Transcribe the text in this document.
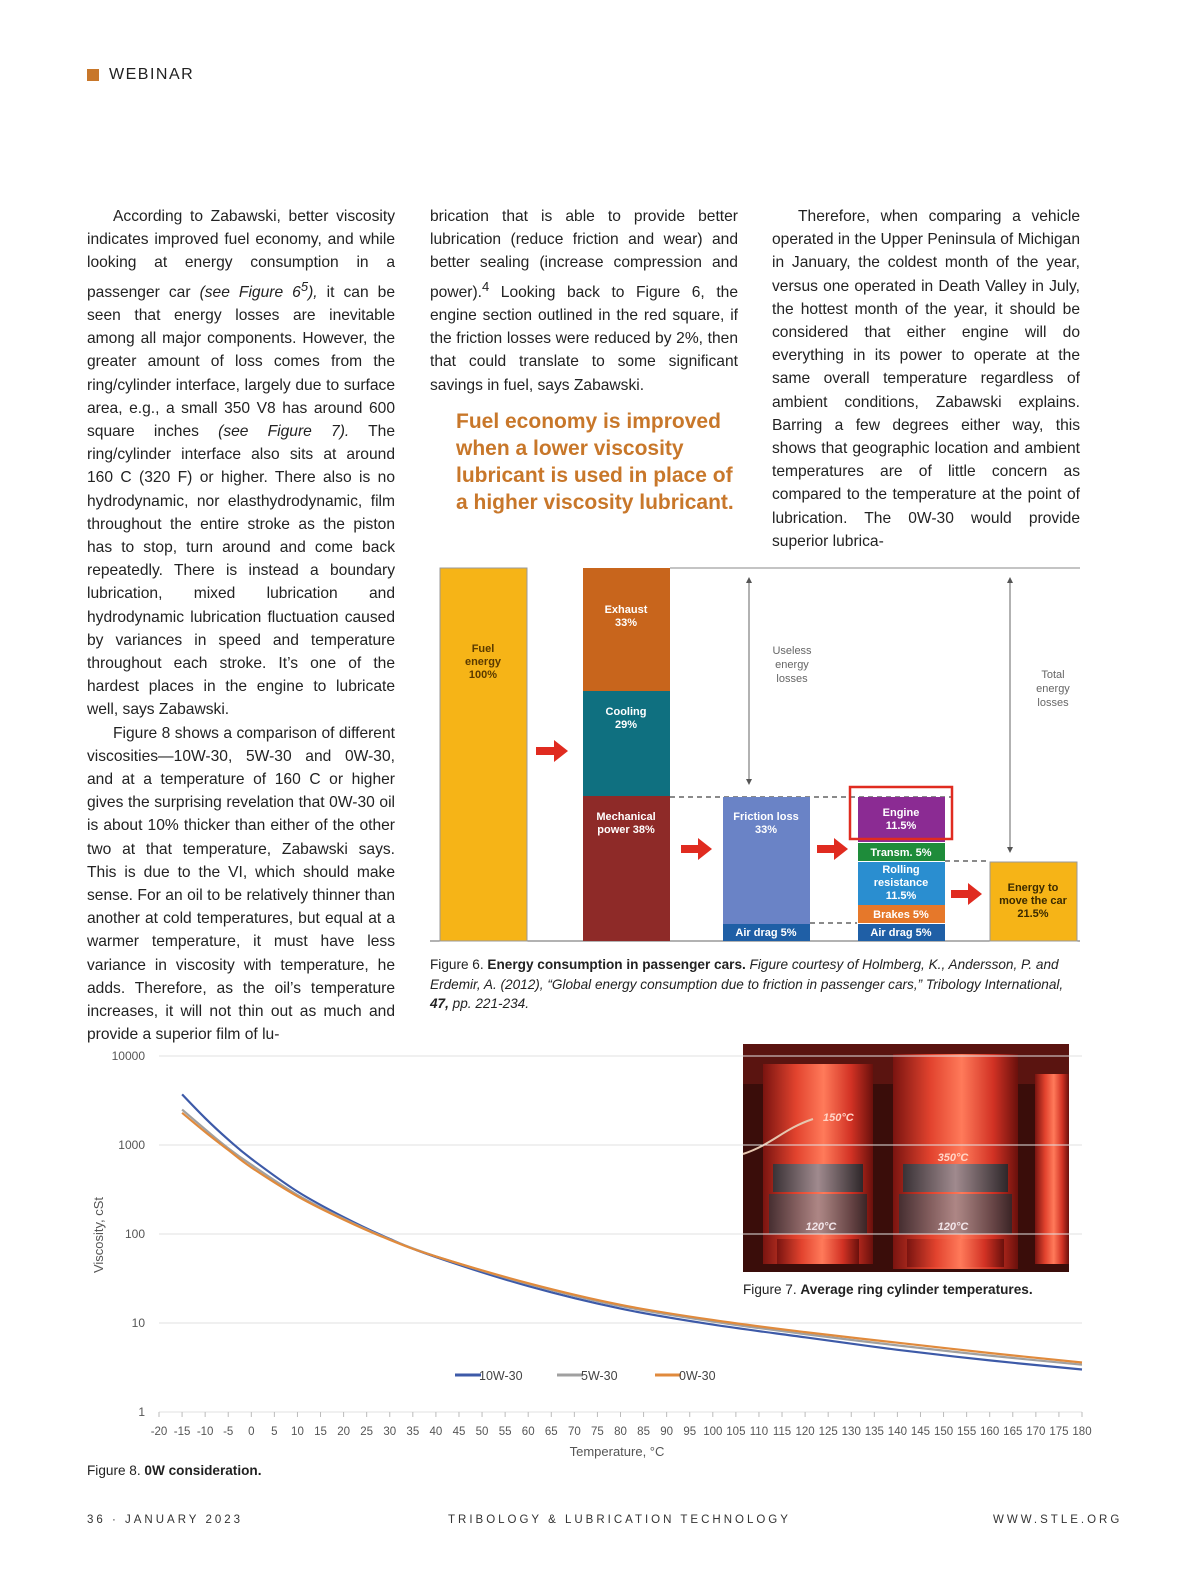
WEBINAR

According to Zabawski, better viscosity indicates improved fuel economy, and while looking at energy consumption in a passenger car (see Figure $6^5$), it can be seen that energy losses are inevitable among all major components. However, the greater amount of loss comes from the ring/cylinder interface, largely due to surface area, e.g., a small 350 V8 has around 600 square inches (see Figure 7). The ring/cylinder interface also sits at around 160 C (320 F) or higher. There also is no hydrodynamic, nor elasthydrodynamic, film throughout the entire stroke as the piston has to stop, turn around and come back repeatedly. There is instead a boundary lubrication, mixed lubrication and hydrodynamic lubrication fluctuation caused by variances in speed and temperature throughout each stroke. It’s one of the hardest places in the engine to lubricate well, says Zabawski.

Figure 8 shows a comparison of different viscosities—10W-30, 5W-30 and 0W-30, and at a temperature of 160 C or higher gives the surprising revelation that 0W-30 oil is about 10% thicker than either of the other two at that temperature, Zabawski says. This is due to the VI, which should make sense. For an oil to be relatively thinner than another at cold temperatures, but equal at a warmer temperature, it must have less variance in viscosity with temperature, he adds. Therefore, as the oil’s temperature increases, it will not thin out as much and provide a superior film of lu-

brication that is able to provide better lubrication (reduce friction and wear) and better sealing (increase compression and power).$^4$ Looking back to Figure 6, the engine section outlined in the red square, if the friction losses were reduced by 2%, then that could translate to some significant savings in fuel, says Zabawski.

Fuel economy is improved when a lower viscosity lubricant is used in place of a higher viscosity lubricant.

Therefore, when comparing a vehicle operated in the Upper Peninsula of Michigan in January, the coldest month of the year, versus one operated in Death Valley in July, the hottest month of the year, it should be considered that either engine will do everything in its power to operate at the same overall temperature regardless of ambient conditions, Zabawski explains. Barring a few degrees either way, this shows that geographic location and ambient temperatures are of little concern as compared to the temperature at the point of lubrication. The 0W-30 would provide superior lubrica-

Fuel energy 100%
Exhaust 33%
Cooling 29%
Mechanical power 38%
Friction loss 33%
Air drag 5%
Engine 11.5%
Transm. 5%
Rolling resistance 11.5%
Brakes 5%
Air drag 5%
Energy to move the car 21.5%
Useless energy losses	Total energy losses
Figure 6. Energy consumption in passenger cars. Figure courtesy of Holmberg, K., Andersson, P. and Erdemir, A. (2012), “Global energy consumption due to friction in passenger cars,” Tribology International, 47, pp. 221-234.
150°C
350°C
120°C	120°C
Figure 7. Average ring cylinder temperatures.
10000
1000
100
10
1
-20 -15 -10 -5 0 5 10 15 20 25 30 35 40 45 50 55 60 65 70 75 80 85 90 95 100 105 110 115 120 125 130 135 140 145 150 155 160 165 170 175 180
10W-30	5W-30	0W-30
Viscosity, cSt
Temperature, °C
Figure 8. 0W consideration.
36 · JANUARY 2023	TRIBOLOGY & LUBRICATION TECHNOLOGY	WWW.STLE.ORG
